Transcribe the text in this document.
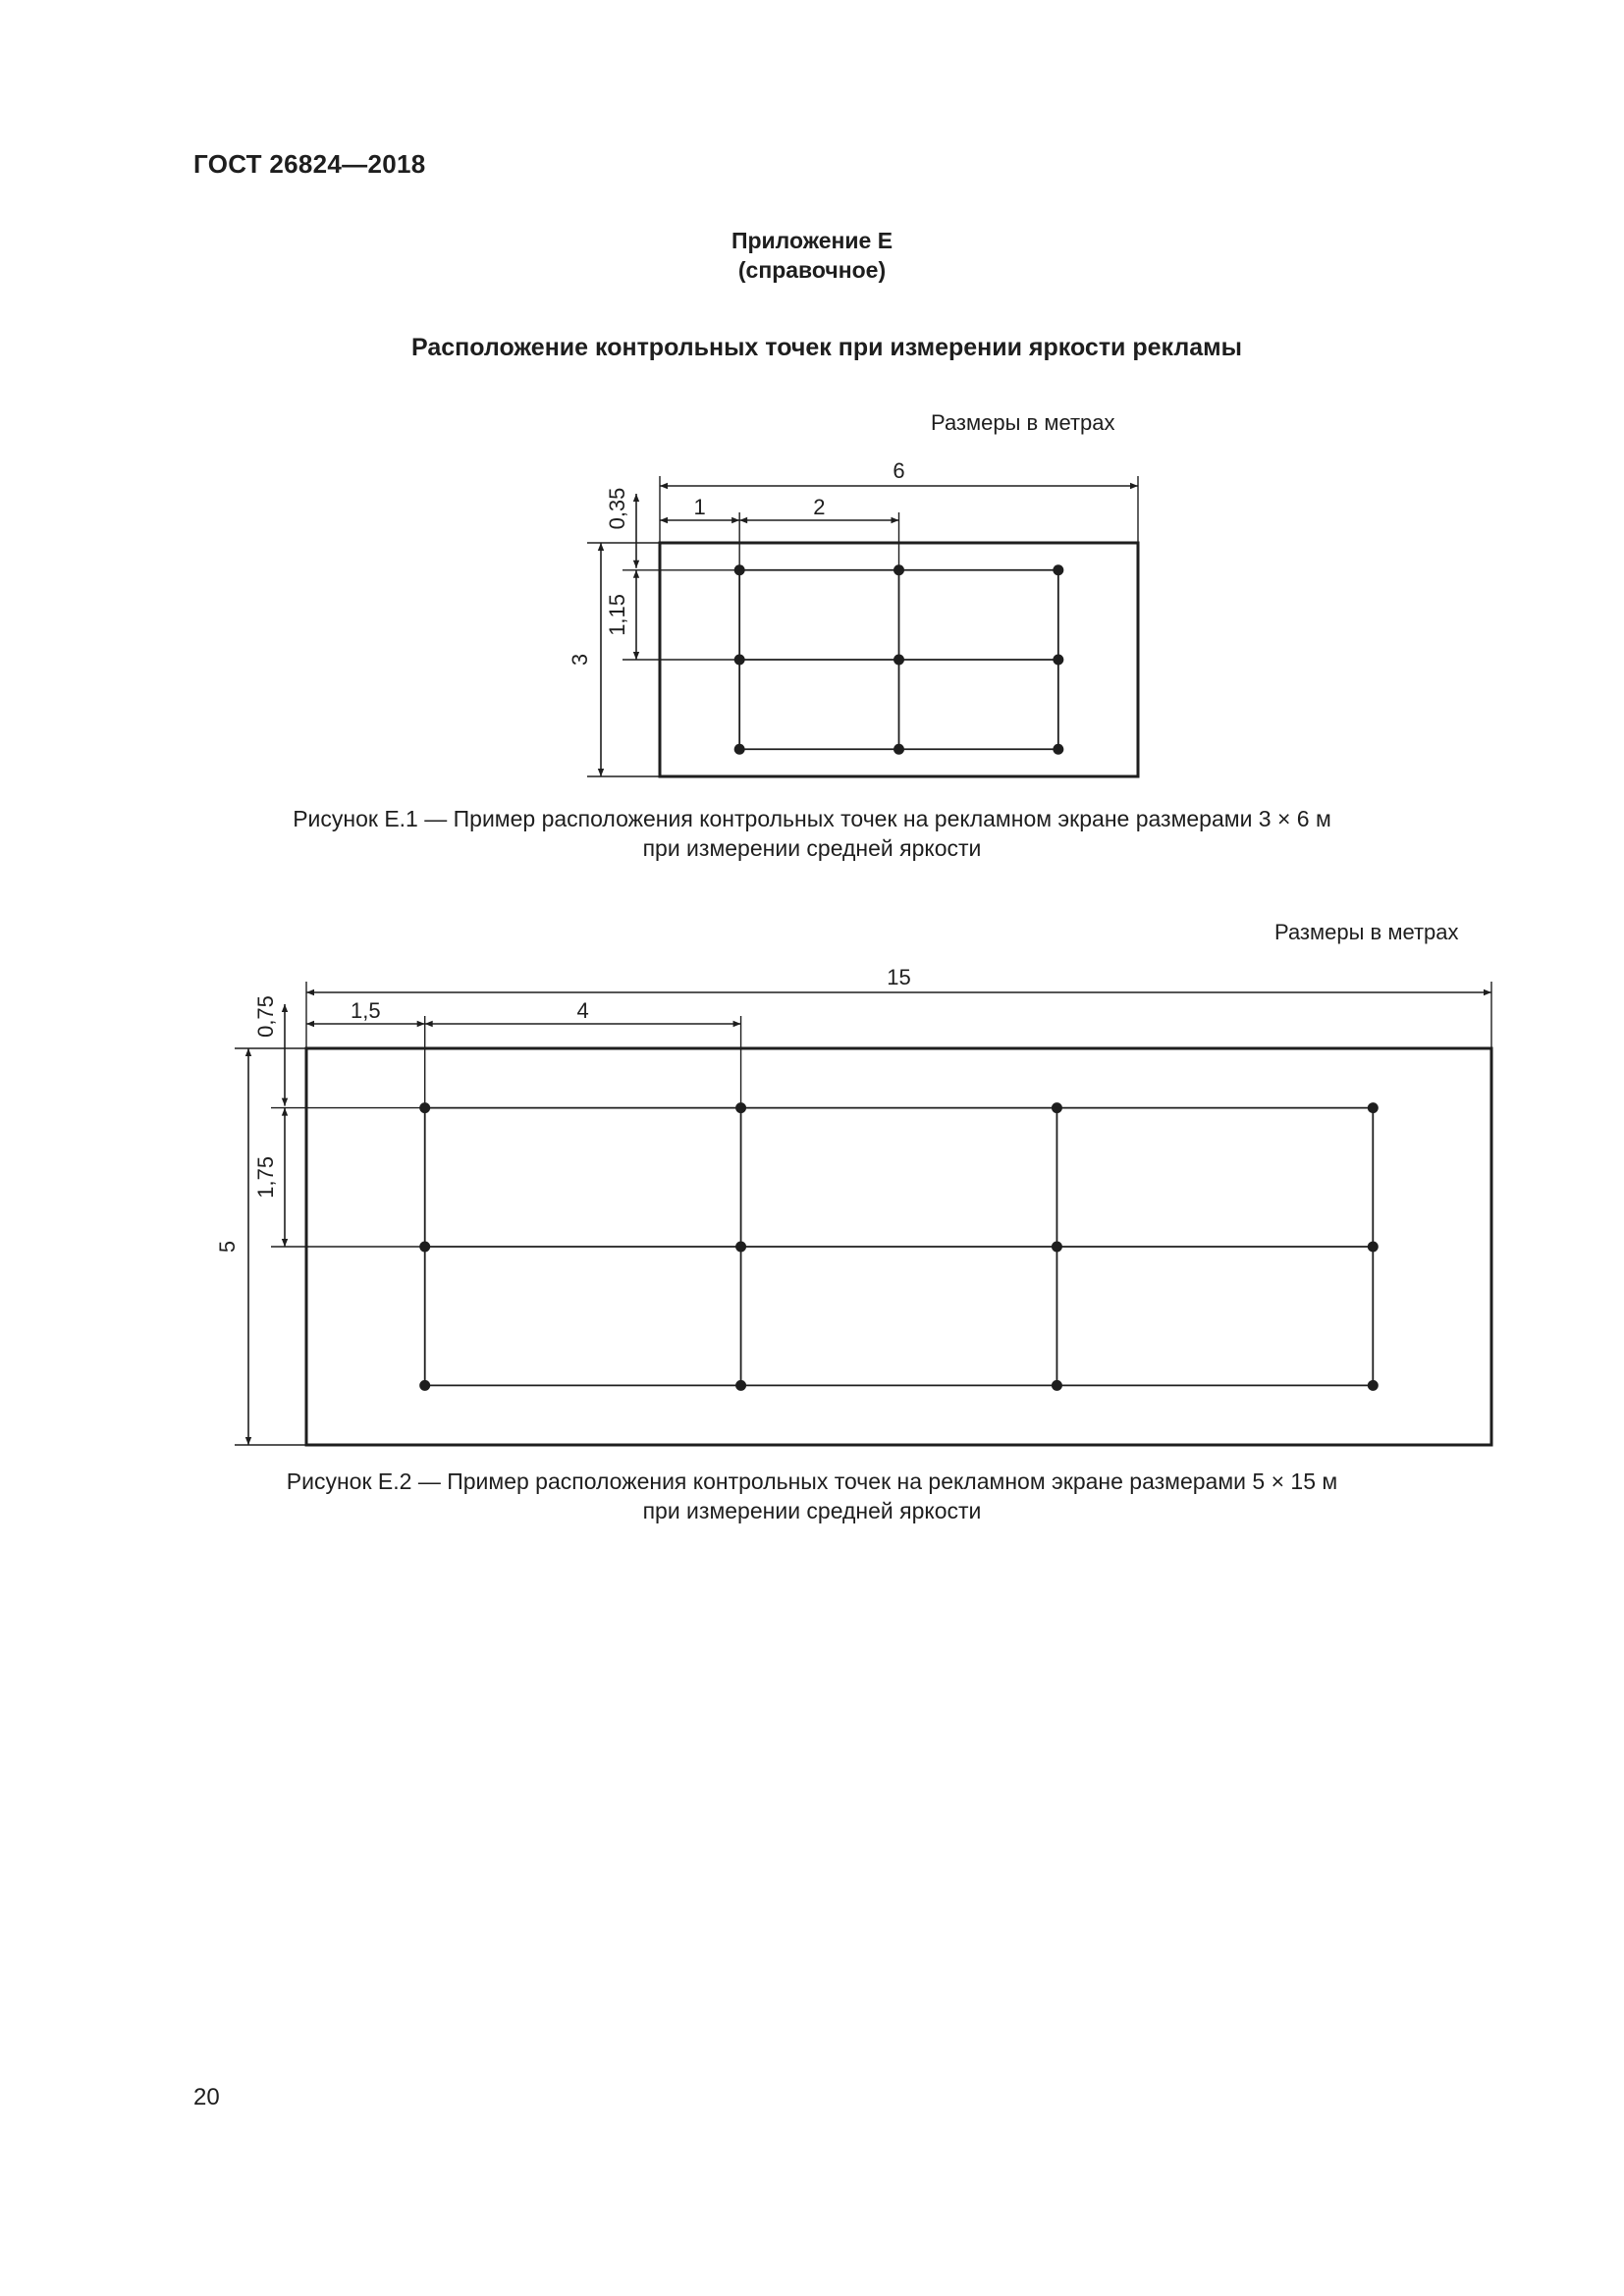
ГОСТ 26824—2018
Приложение Е
(справочное)
Расположение контрольных точек при измерении яркости рекламы
Размеры в метрах
Размеры в метрах
6
1	2
3
0,35
1,15
15
1,5	4
5
0,75
1,75
Рисунок Е.1 — Пример расположения контрольных точек на рекламном экране размерами 3 × 6 м
при измерении средней яркости
Рисунок Е.2 — Пример расположения контрольных точек на рекламном экране размерами 5 × 15 м
при измерении средней яркости
20
